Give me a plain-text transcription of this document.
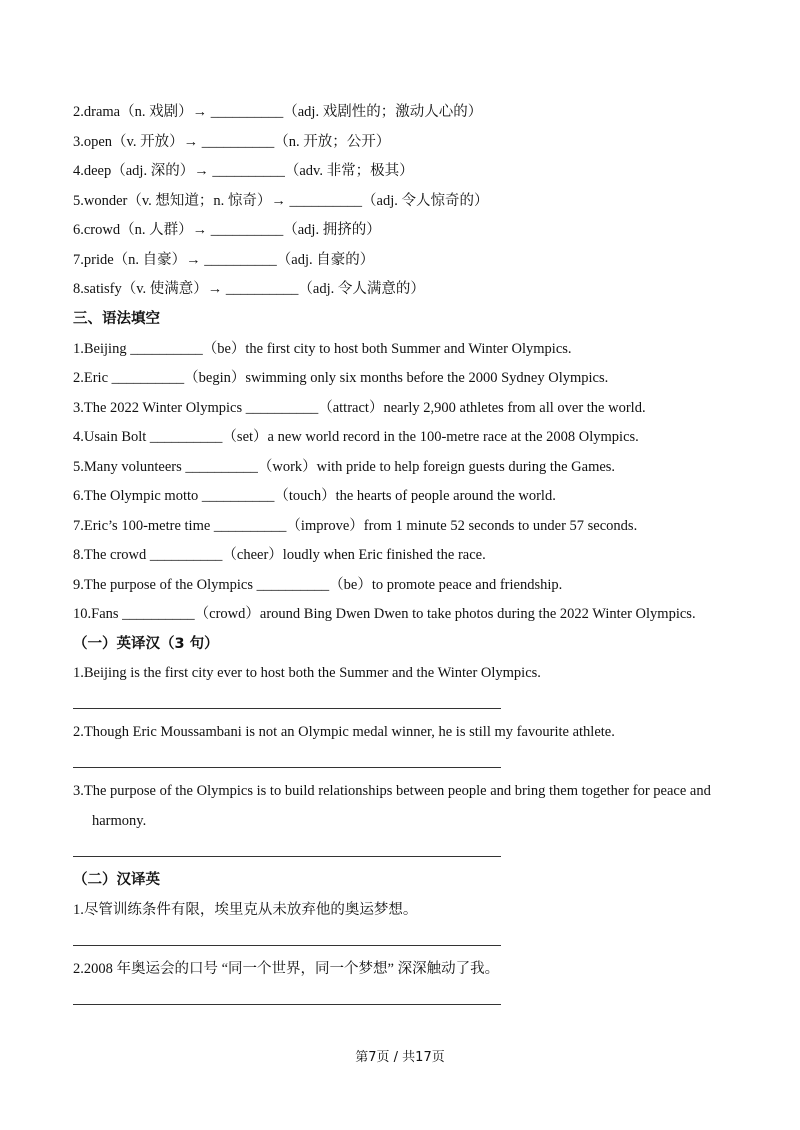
2.drama（n. 戏剧）→ __________（adj. 戏剧性的；激动人心的）
3.open（v. 开放）→ __________（n. 开放；公开）
4.deep（adj. 深的）→ __________（adv. 非常；极其）
5.wonder（v. 想知道；n. 惊奇）→ __________（adj. 令人惊奇的）
6.crowd（n. 人群）→ __________（adj. 拥挤的）
7.pride（n. 自豪）→ __________（adj. 自豪的）
8.satisfy（v. 使满意）→ __________（adj. 令人满意的）
三、语法填空
1.Beijing __________（be）the first city to host both Summer and Winter Olympics.
2.Eric __________（begin）swimming only six months before the 2000 Sydney Olympics.
3.The 2022 Winter Olympics __________（attract）nearly 2,900 athletes from all over the world.
4.Usain Bolt __________（set）a new world record in the 100-metre race at the 2008 Olympics.
5.Many volunteers __________（work）with pride to help foreign guests during the Games.
6.The Olympic motto __________（touch）the hearts of people around the world.
7.Eric’s 100-metre time __________（improve）from 1 minute 52 seconds to under 57 seconds.
8.The crowd __________（cheer）loudly when Eric finished the race.
9.The purpose of the Olympics __________（be）to promote peace and friendship.
10.Fans __________（crowd）around Bing Dwen Dwen to take photos during the 2022 Winter Olympics.
（一）英译汉（3 句）
1.Beijing is the first city ever to host both the Summer and the Winter Olympics.
2.Though Eric Moussambani is not an Olympic medal winner, he is still my favourite athlete.
3.The purpose of the Olympics is to build relationships between people and bring them together for peace and
harmony.
（二）汉译英
1.尽管训练条件有限，埃里克从未放弃他的奥运梦想。
2.2008 年奥运会的口号 “同一个世界，同一个梦想” 深深触动了我。
第7页 / 共17页
